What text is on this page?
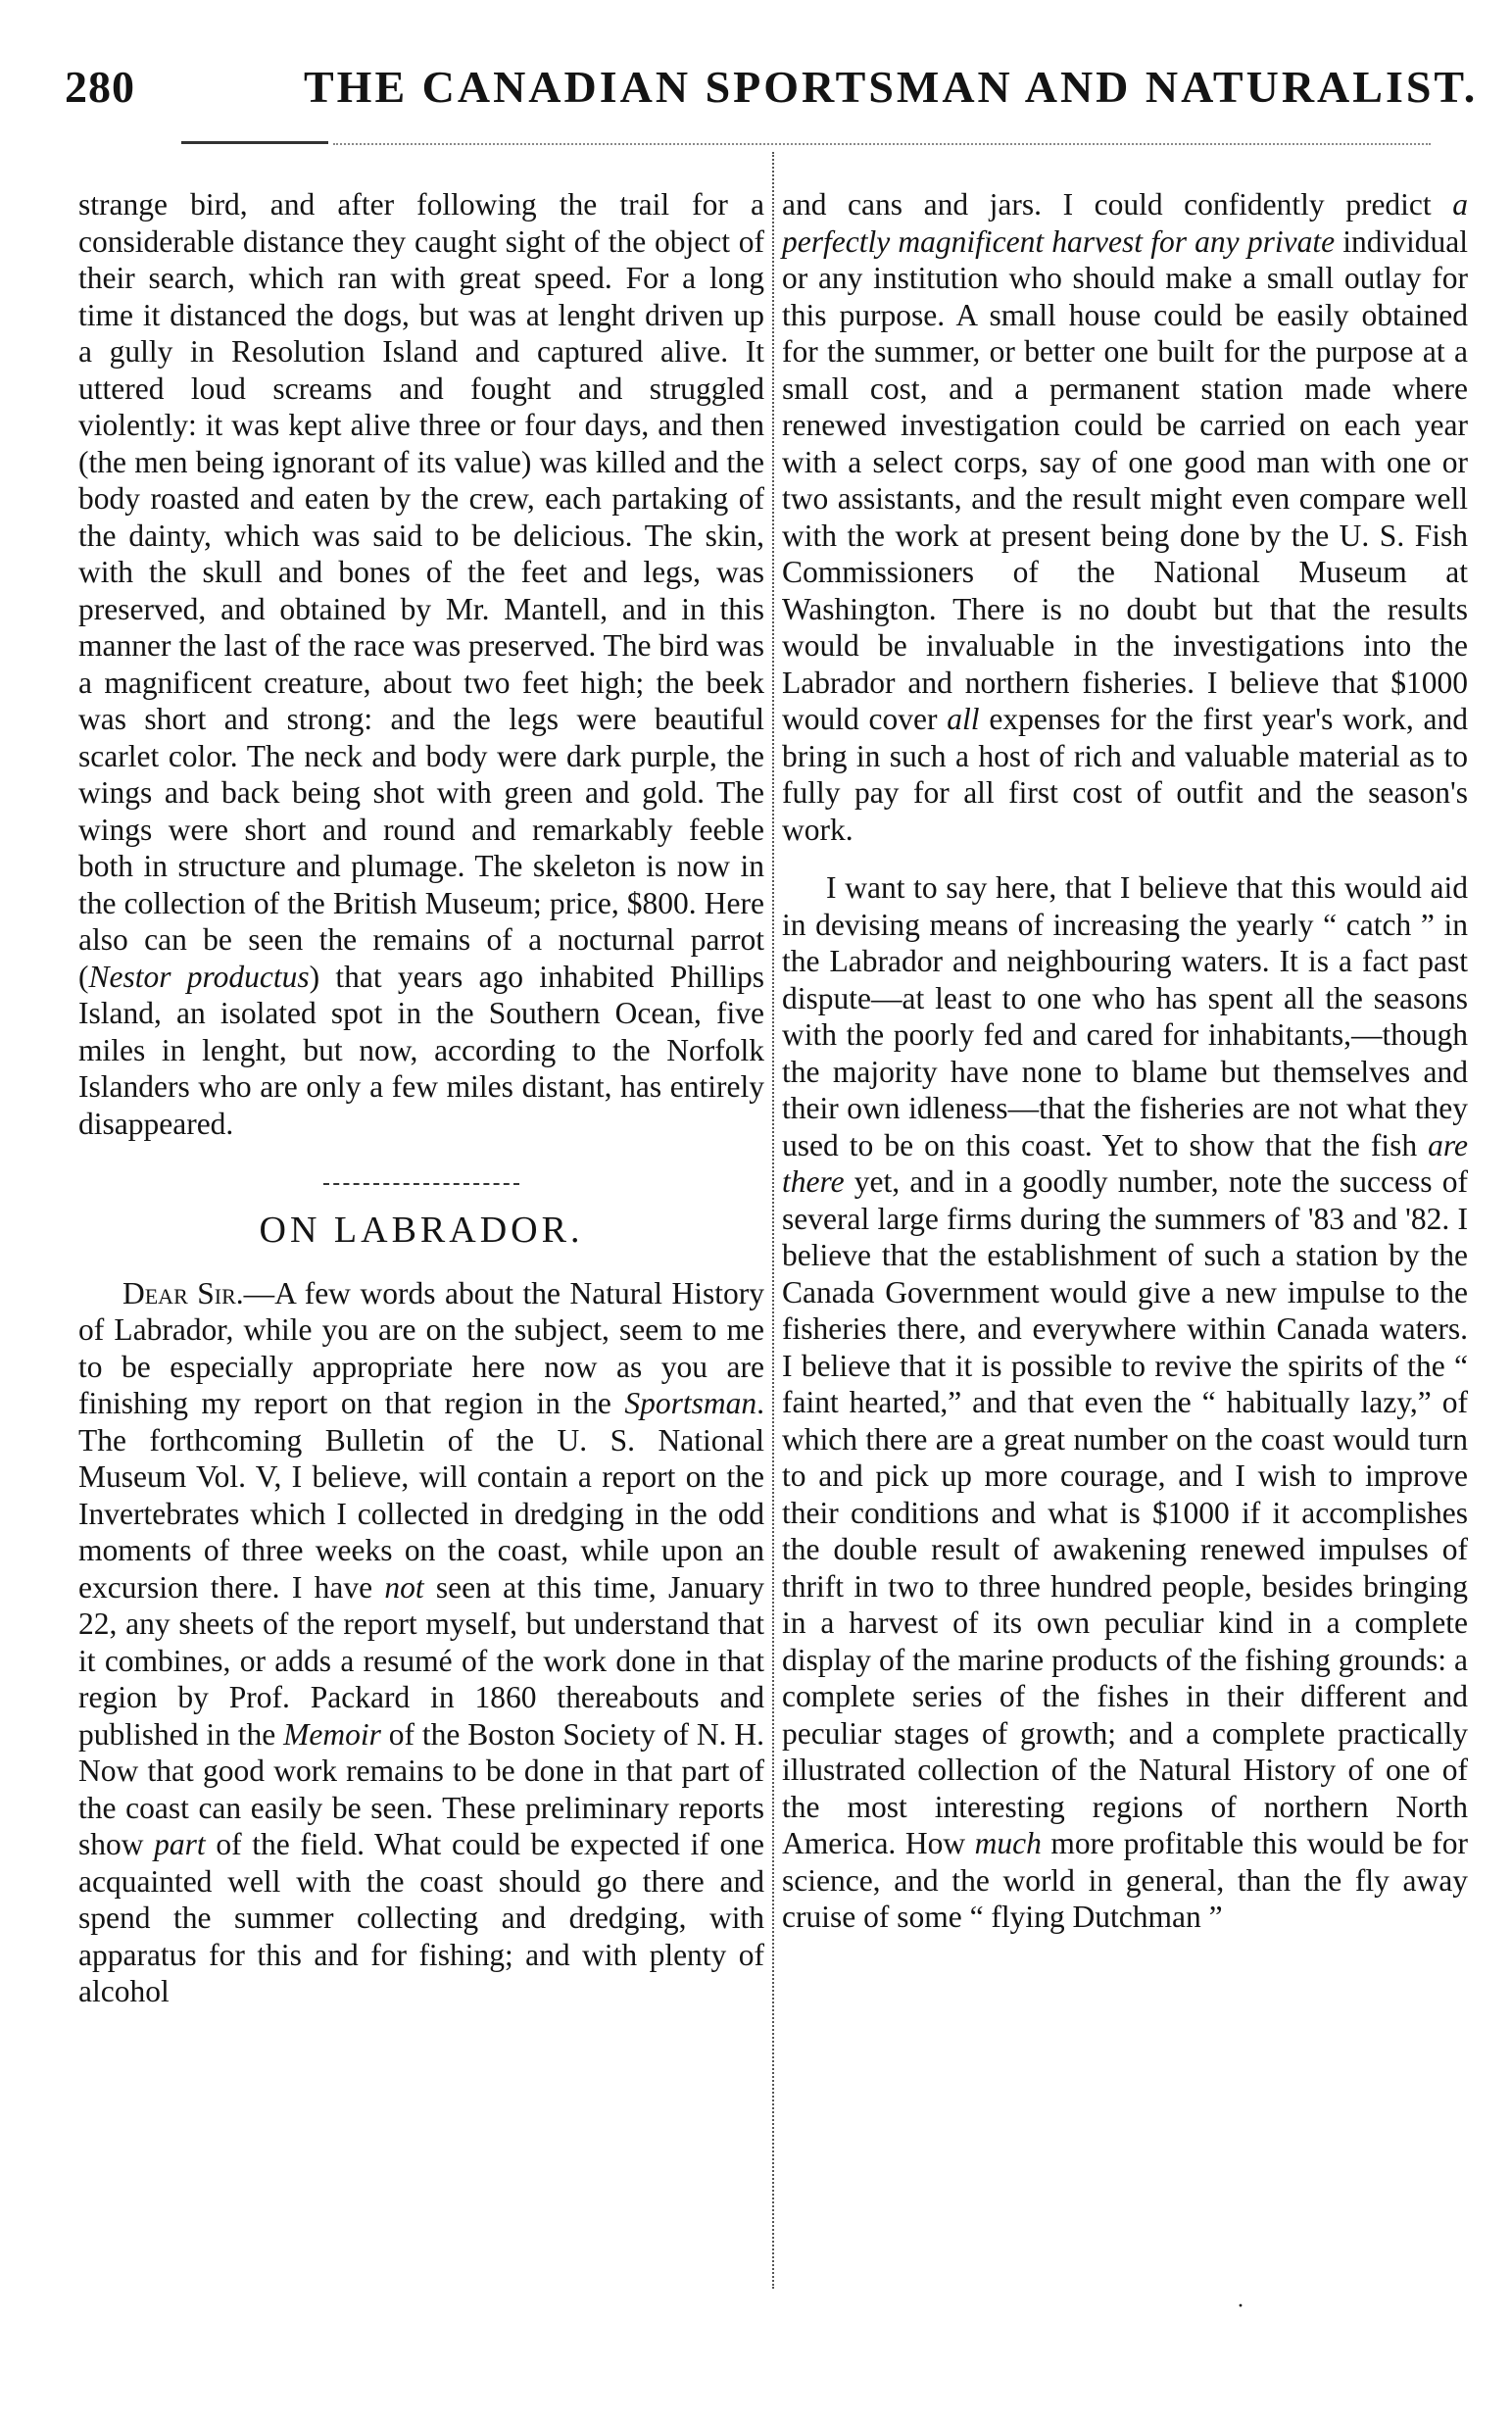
280	THE CANADIAN SPORTSMAN AND NATURALIST.

strange bird, and after following the trail for a considerable distance they caught sight of the object of their search, which ran with great speed. For a long time it distanced the dogs, but was at lenght driven up a gully in Resolution Island and captured alive. It uttered loud screams and fought and struggled violently: it was kept alive three or four days, and then (the men being ignorant of its value) was killed and the body roasted and eaten by the crew, each partaking of the dainty, which was said to be delicious. The skin, with the skull and bones of the feet and legs, was preserved, and obtained by Mr. Mantell, and in this manner the last of the race was preserved. The bird was a magnificent creature, about two feet high; the beek was short and strong: and the legs were beautiful scarlet color. The neck and body were dark purple, the wings and back being shot with green and gold. The wings were short and round and remarkably feeble both in structure and plumage. The skeleton is now in the collection of the British Museum; price, $800. Here also can be seen the remains of a nocturnal parrot (Nestor productus) that years ago inhabited Phillips Island, an isolated spot in the Southern Ocean, five miles in lenght, but now, according to the Norfolk Islanders who are only a few miles distant, has entirely disappeared.

ON LABRADOR.

Dear Sir.—A few words about the Natural History of Labrador, while you are on the subject, seem to me to be especially appropriate here now as you are finishing my report on that region in the Sportsman. The forthcoming Bulletin of the U. S. National Museum Vol. V, I believe, will contain a report on the Invertebrates which I collected in dredging in the odd moments of three weeks on the coast, while upon an excursion there. I have not seen at this time, January 22, any sheets of the report myself, but understand that it combines, or adds a resumé of the work done in that region by Prof. Packard in 1860 thereabouts and published in the Memoir of the Boston Society of N. H. Now that good work remains to be done in that part of the coast can easily be seen. These preliminary reports show part of the field. What could be expected if one acquainted well with the coast should go there and spend the summer collecting and dredging, with apparatus for this and for fishing; and with plenty of alcohol

and cans and jars. I could confidently predict a perfectly magnificent harvest for any private individual or any institution who should make a small outlay for this purpose. A small house could be easily obtained for the summer, or better one built for the purpose at a small cost, and a permanent station made where renewed investigation could be carried on each year with a select corps, say of one good man with one or two assistants, and the result might even compare well with the work at present being done by the U. S. Fish Commissioners of the National Museum at Washington. There is no doubt but that the results would be invaluable in the investigations into the Labrador and northern fisheries. I believe that $1000 would cover all expenses for the first year's work, and bring in such a host of rich and valuable material as to fully pay for all first cost of outfit and the season's work.

I want to say here, that I believe that this would aid in devising means of increasing the yearly “ catch ” in the Labrador and neighbouring waters. It is a fact past dispute—at least to one who has spent all the seasons with the poorly fed and cared for inhabitants,—though the majority have none to blame but themselves and their own idleness—that the fisheries are not what they used to be on this coast. Yet to show that the fish are there yet, and in a goodly number, note the success of several large firms during the summers of '83 and '82. I believe that the establishment of such a station by the Canada Government would give a new impulse to the fisheries there, and everywhere within Canada waters. I believe that it is possible to revive the spirits of the “ faint hearted,” and that even the “ habitually lazy,” of which there are a great number on the coast would turn to and pick up more courage, and I wish to improve their conditions and what is $1000 if it accomplishes the double result of awakening renewed impulses of thrift in two to three hundred people, besides bringing in a harvest of its own peculiar kind in a complete display of the marine products of the fishing grounds: a complete series of the fishes in their different and peculiar stages of growth; and a complete practically illustrated collection of the Natural History of one of the most interesting regions of northern North America. How much more profitable this would be for science, and the world in general, than the fly away cruise of some “ flying Dutchman ”

·
